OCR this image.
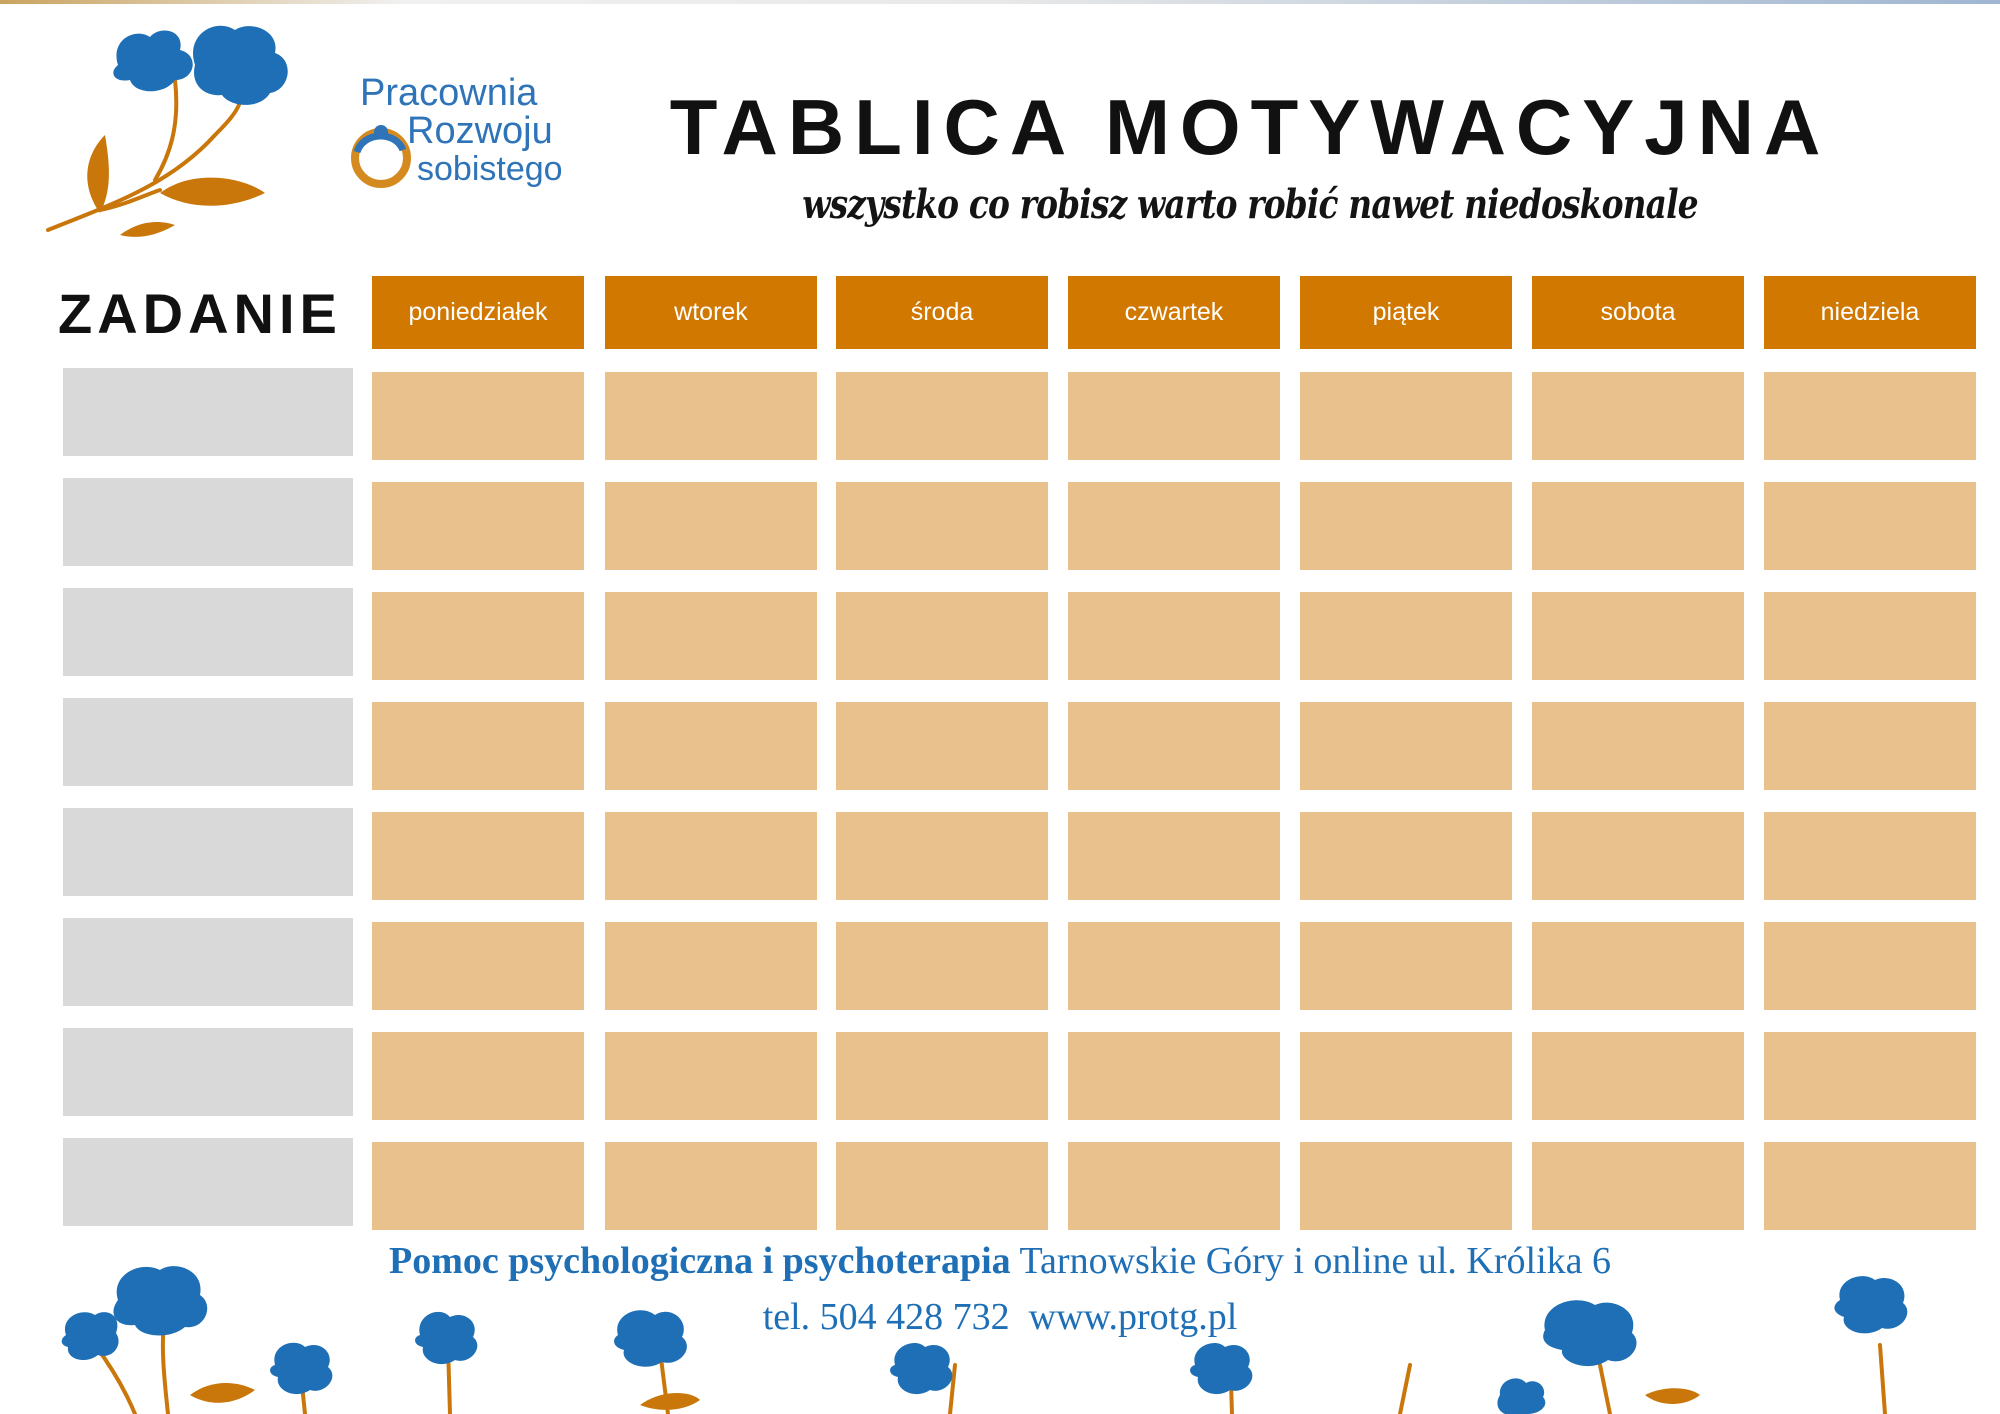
Pracownia
Rozwoju
sobistego TABLICA MOTYWACYJNA
wszystko co robisz warto robić nawet niedoskonale
ZADANIE	poniedziałek	wtorek	środa	czwartek	piątek	sobota	niedziela
Pomoc psychologiczna i psychoterapia Tarnowskie Góry i online ul. Królika 6
tel. 504 428 732 www.protg.pl
